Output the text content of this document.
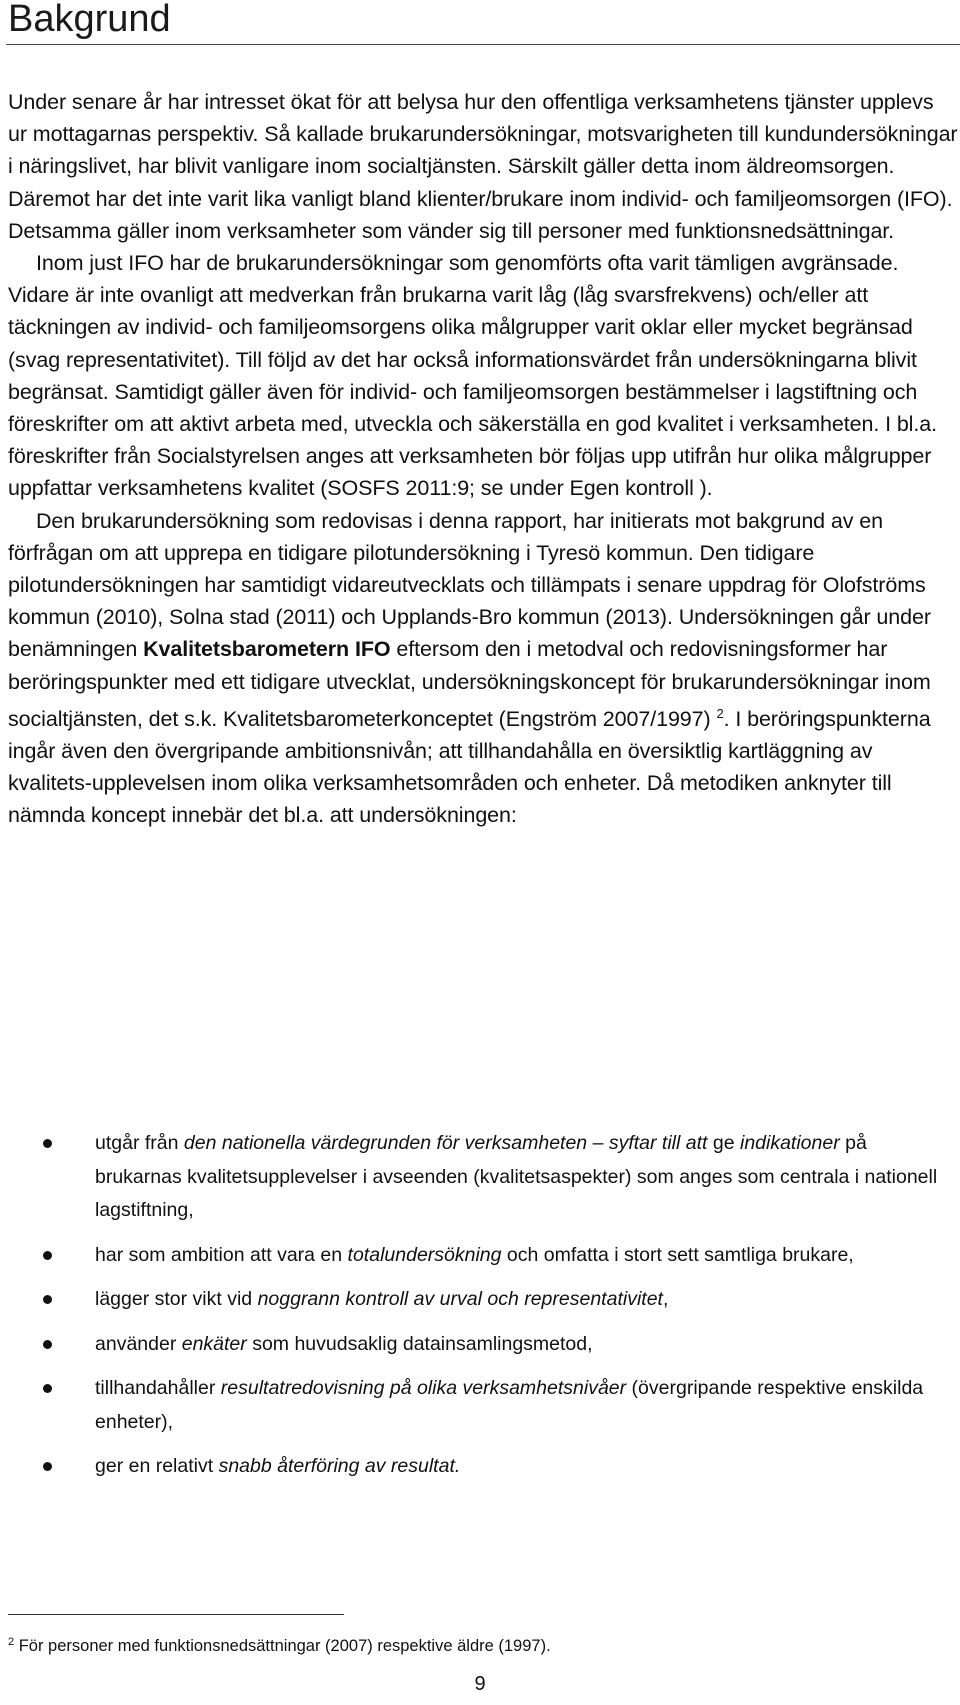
Bakgrund

Under senare år har intresset ökat för att belysa hur den offentliga verksamhetens tjänster upplevs ur mottagarnas perspektiv. Så kallade brukarundersökningar, motsvarigheten till kundundersökningar i näringslivet, har blivit vanligare inom socialtjänsten. Särskilt gäller detta inom äldreomsorgen. Däremot har det inte varit lika vanligt bland klienter/brukare inom individ- och familjeomsorgen (IFO). Detsamma gäller inom verksamheter som vänder sig till personer med funktionsnedsättningar.

Inom just IFO har de brukarundersökningar som genomförts ofta varit tämligen avgränsade. Vidare är inte ovanligt att medverkan från brukarna varit låg (låg svarsfrekvens) och/eller att täckningen av individ- och familjeomsorgens olika målgrupper varit oklar eller mycket begränsad (svag representativitet). Till följd av det har också informationsvärdet från undersökningarna blivit begränsat. Samtidigt gäller även för individ- och familjeomsorgen bestämmelser i lagstiftning och föreskrifter om att aktivt arbeta med, utveckla och säkerställa en god kvalitet i verksamheten. I bl.a. föreskrifter från Socialstyrelsen anges att verksamheten bör följas upp utifrån hur olika målgrupper uppfattar verksamhetens kvalitet (SOSFS 2011:9; se under Egen kontroll ).

Den brukarundersökning som redovisas i denna rapport, har initierats mot bakgrund av en förfrågan om att upprepa en tidigare pilotundersökning i Tyresö kommun. Den tidigare pilotundersökningen har samtidigt vidareutvecklats och tillämpats i senare uppdrag för Olofströms kommun (2010), Solna stad (2011) och Upplands-Bro kommun (2013). Undersökningen går under benämningen Kvalitetsbarometern IFO eftersom den i metodval och redovisningsformer har beröringspunkter med ett tidigare utvecklat, undersökningskoncept för brukarundersökningar inom socialtjänsten, det s.k. Kvalitetsbarometerkonceptet (Engström 2007/1997) $^2$. I beröringspunkterna ingår även den övergripande ambitionsnivån; att tillhandahålla en översiktlig kartläggning av kvalitets-upplevelsen inom olika verksamhetsområden och enheter. Då metodiken anknyter till nämnda koncept innebär det bl.a. att undersökningen:

utgår från den nationella värdegrunden för verksamheten – syftar till att ge indikationer på brukarnas kvalitetsupplevelser i avseenden (kvalitetsaspekter) som anges som centrala i nationell lagstiftning,
har som ambition att vara en totalundersökning och omfatta i stort sett samtliga brukare,
lägger stor vikt vid noggrann kontroll av urval och representativitet,
använder enkäter som huvudsaklig datainsamlingsmetod,
tillhandahåller resultatredovisning på olika verksamhetsnivåer (övergripande respektive enskilda enheter),
ger en relativt snabb återföring av resultat.
$^2$ För personer med funktionsnedsättningar (2007) respektive äldre (1997).
9
